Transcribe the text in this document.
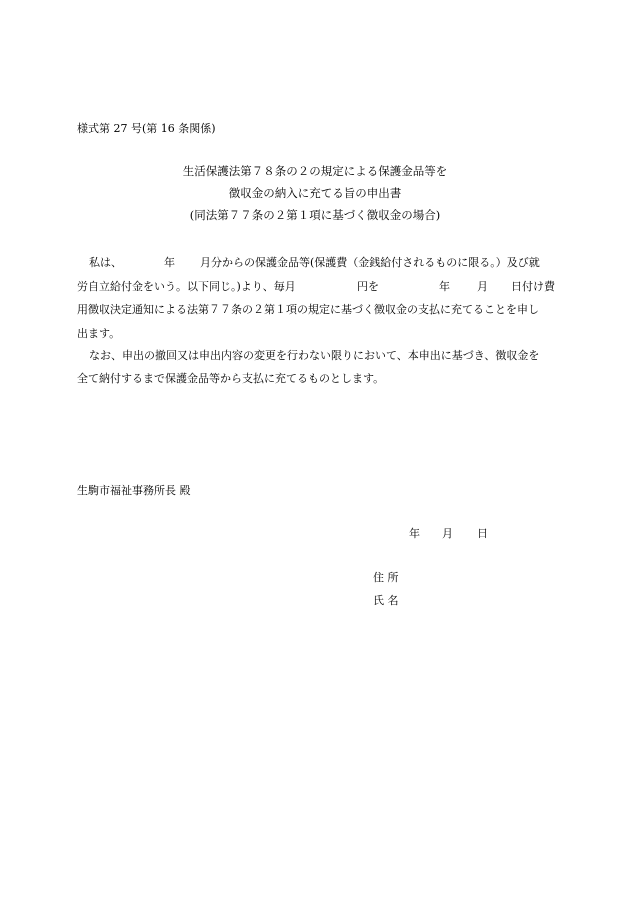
様式第 27 号(第 16 条関係)
生活保護法第７８条の２の規定による保護金品等を
徴収金の納入に充てる旨の申出書
(同法第７７条の２第１項に基づく徴収金の場合)
私は、	年 月分からの保護金品等(保護費（金銭給付されるものに限る。）及び就
労自立給付金をいう。以下同じ。)より、毎月	円を	年 月 日付け費
用徴収決定通知による法第７７条の２第１項の規定に基づく徴収金の支払に充てることを申し
出ます。
なお、申出の撤回又は申出内容の変更を行わない限りにおいて、本申出に基づき、徴収金を
全て納付するまで保護金品等から支払に充てるものとします。
生駒市福祉事務所長 殿
年 月 日
住 所
氏 名
